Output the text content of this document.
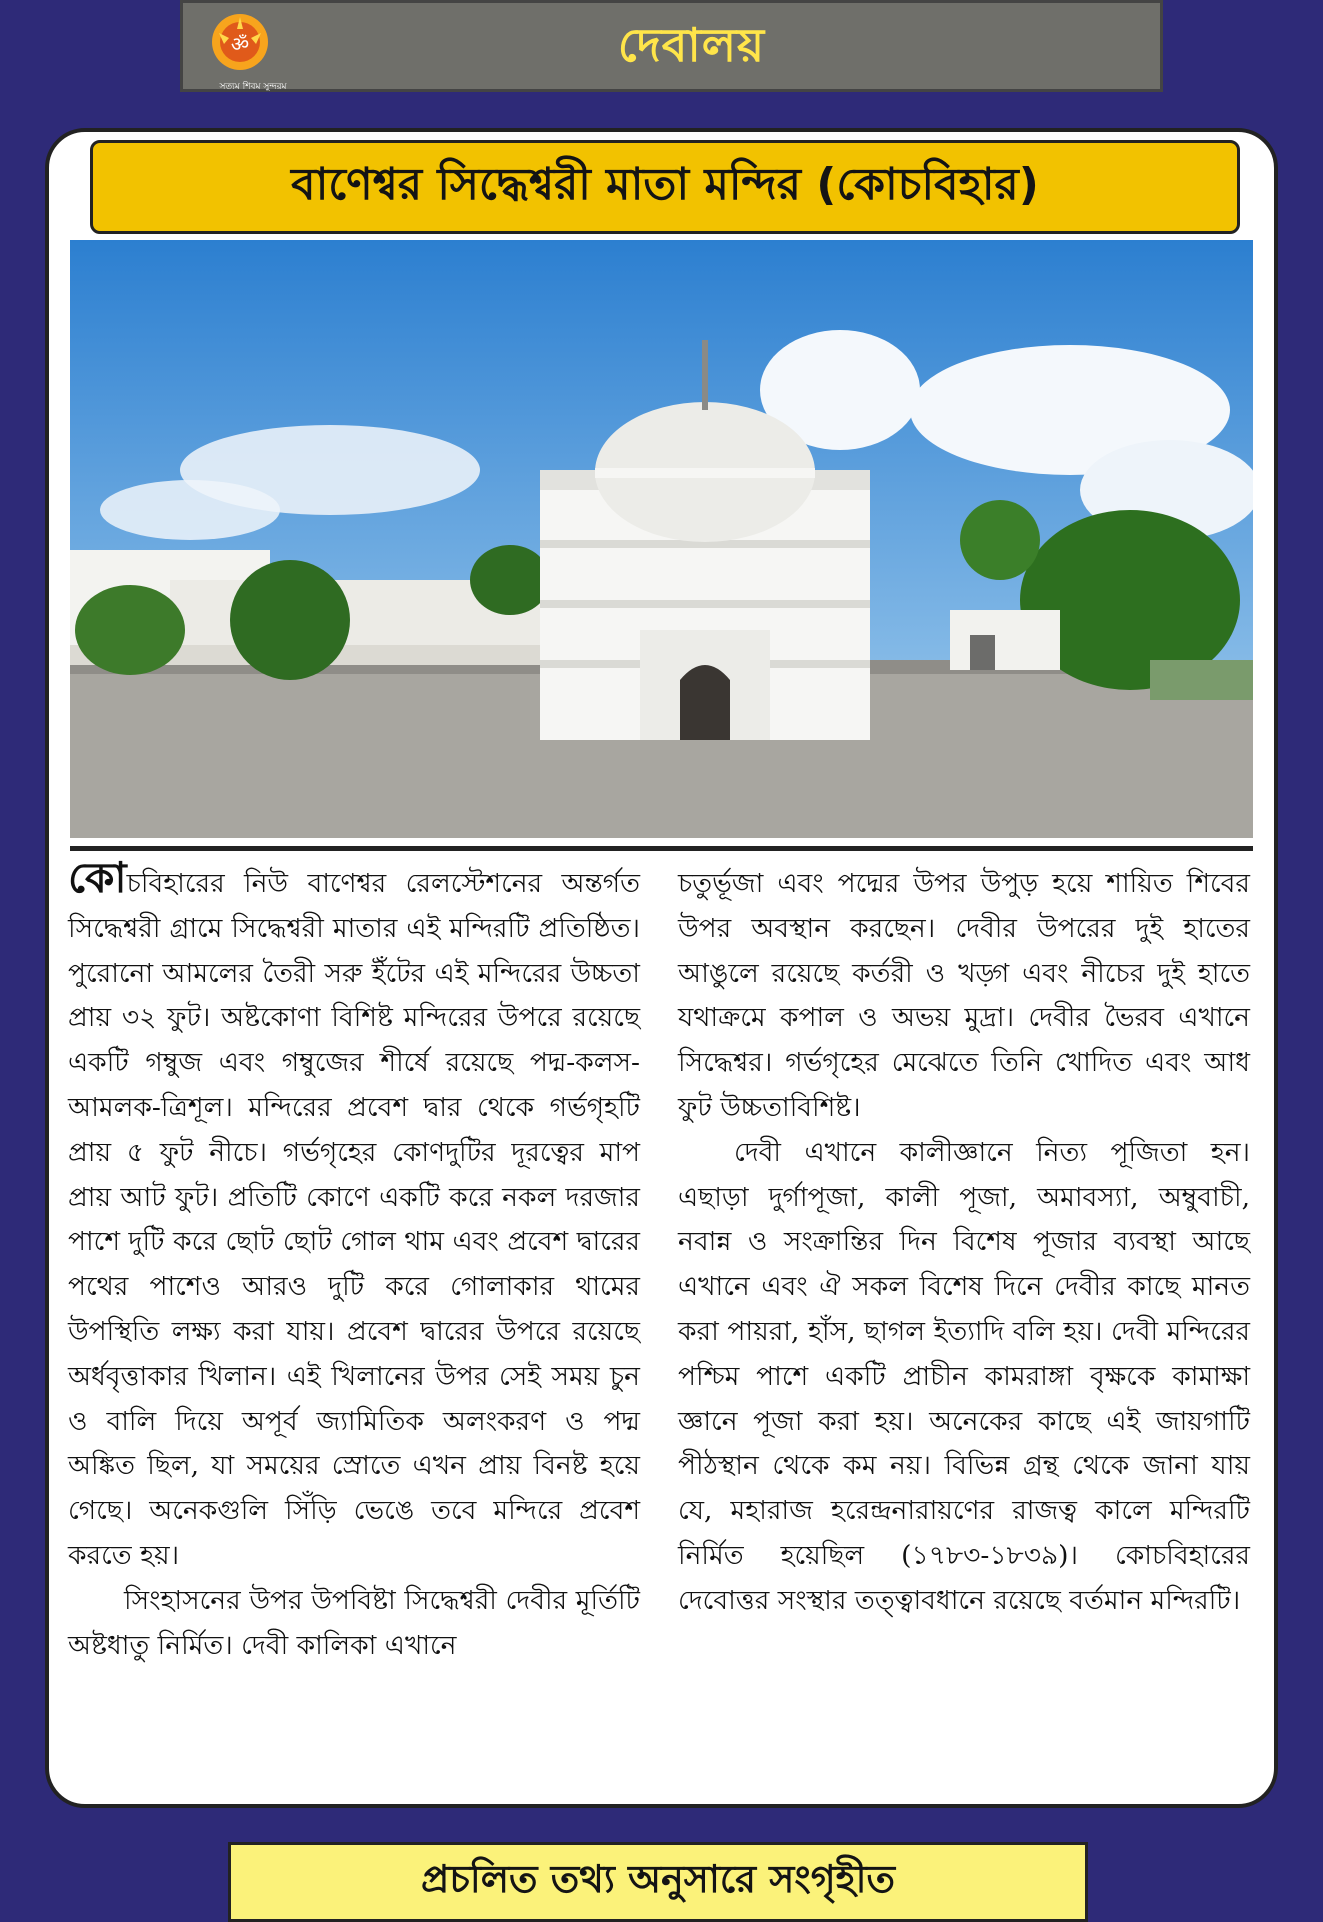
ॐ
সত্যম শিবম সুন্দরম
দেবালয়
বাণেশ্বর সিদ্ধেশ্বরী মাতা মন্দির (কোচবিহার)

কোচবিহারের নিউ বাণেশ্বর রেলস্টেশনের অন্তর্গত সিদ্ধেশ্বরী গ্রামে সিদ্ধেশ্বরী মাতার এই মন্দিরটি প্রতিষ্ঠিত। পুরোনো আমলের তৈরী সরু ইঁটের এই মন্দিরের উচ্চতা প্রায় ৩২ ফুট। অষ্টকোণা বিশিষ্ট মন্দিরের উপরে রয়েছে একটি গম্বুজ এবং গম্বুজের শীর্ষে রয়েছে পদ্ম-কলস-আমলক-ত্রিশূল। মন্দিরের প্রবেশ দ্বার থেকে গর্ভগৃহটি প্রায় ৫ ফুট নীচে। গর্ভগৃহের কোণদুটির দূরত্বের মাপ প্রায় আট ফুট। প্রতিটি কোণে একটি করে নকল দরজার পাশে দুটি করে ছোট ছোট গোল থাম এবং প্রবেশ দ্বারের পথের পাশেও আরও দুটি করে গোলাকার থামের উপস্থিতি লক্ষ্য করা যায়। প্রবেশ দ্বারের উপরে রয়েছে অর্ধবৃত্তাকার খিলান। এই খিলানের উপর সেই সময় চুন ও বালি দিয়ে অপূর্ব জ্যামিতিক অলংকরণ ও পদ্ম অঙ্কিত ছিল, যা সময়ের স্রোতে এখন প্রায় বিনষ্ট হয়ে গেছে। অনেকগুলি সিঁড়ি ভেঙে তবে মন্দিরে প্রবেশ করতে হয়।

সিংহাসনের উপর উপবিষ্টা সিদ্ধেশ্বরী দেবীর মূর্তিটি অষ্টধাতু নির্মিত। দেবী কালিকা এখানে

চতুর্ভূজা এবং পদ্মের উপর উপুড় হয়ে শায়িত শিবের উপর অবস্থান করছেন। দেবীর উপরের দুই হাতের আঙুলে রয়েছে কর্তরী ও খড়্গ এবং নীচের দুই হাতে যথাক্রমে কপাল ও অভয় মুদ্রা। দেবীর ভৈরব এখানে সিদ্ধেশ্বর। গর্ভগৃহের মেঝেতে তিনি খোদিত এবং আধ ফুট উচ্চতাবিশিষ্ট।

দেবী এখানে কালীজ্ঞানে নিত্য পূজিতা হন। এছাড়া দুর্গাপূজা, কালী পূজা, অমাবস্যা, অম্বুবাচী, নবান্ন ও সংক্রান্তির দিন বিশেষ পূজার ব্যবস্থা আছে এখানে এবং ঐ সকল বিশেষ দিনে দেবীর কাছে মানত করা পায়রা, হাঁস, ছাগল ইত্যাদি বলি হয়। দেবী মন্দিরের পশ্চিম পাশে একটি প্রাচীন কামরাঙ্গা বৃক্ষকে কামাক্ষা জ্ঞানে পূজা করা হয়। অনেকের কাছে এই জায়গাটি পীঠস্থান থেকে কম নয়। বিভিন্ন গ্রন্থ থেকে জানা যায় যে, মহারাজ হরেন্দ্রনারায়ণের রাজত্ব কালে মন্দিরটি নির্মিত হয়েছিল (১৭৮৩-১৮৩৯)। কোচবিহারের দেবোত্তর সংস্থার তত্ত্বাবধানে রয়েছে বর্তমান মন্দিরটি।

প্রচলিত তথ্য অনুসারে সংগৃহীত
